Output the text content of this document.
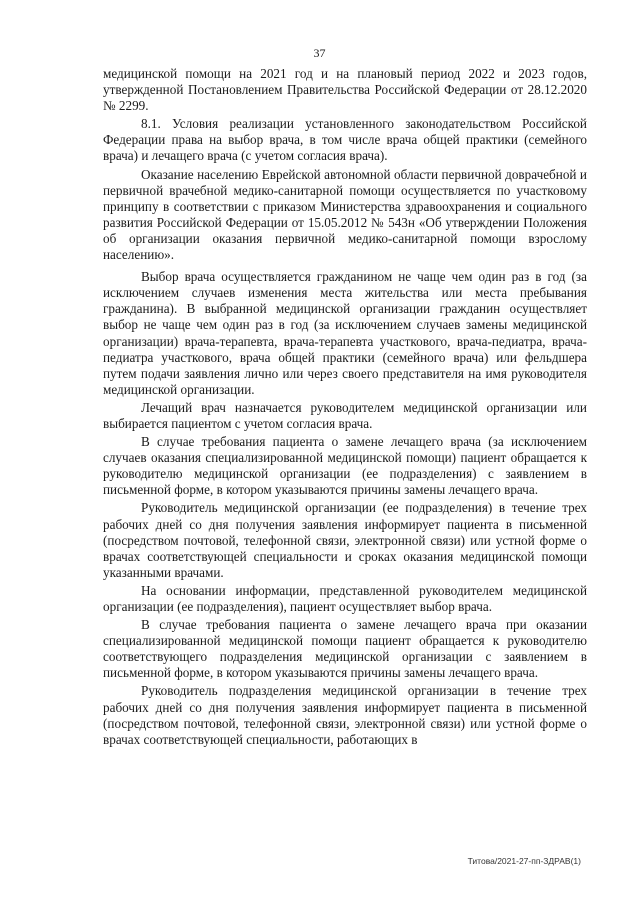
37

медицинской помощи на 2021 год и на плановый период 2022 и 2023 годов, утвержденной Постановлением Правительства Российской Федерации от 28.12.2020 № 2299.

8.1. Условия реализации установленного законодательством Российской Федерации права на выбор врача, в том числе врача общей практики (семейного врача) и лечащего врача (с учетом согласия врача).

Оказание населению Еврейской автономной области первичной доврачебной и первичной врачебной медико-санитарной помощи осуществляется по участковому принципу в соответствии с приказом Министерства здравоохранения и социального развития Российской Федерации от 15.05.2012 № 543н «Об утверждении Положения об организации оказания первичной медико-санитарной помощи взрослому населению».

Выбор врача осуществляется гражданином не чаще чем один раз в год (за исключением случаев изменения места жительства или места пребывания гражданина). В выбранной медицинской организации гражданин осуществляет выбор не чаще чем один раз в год (за исключением случаев замены медицинской организации) врача-терапевта, врача-терапевта участкового, врача-педиатра, врача-педиатра участкового, врача общей практики (семейного врача) или фельдшера путем подачи заявления лично или через своего представителя на имя руководителя медицинской организации.

Лечащий врач назначается руководителем медицинской организации или выбирается пациентом с учетом согласия врача.

В случае требования пациента о замене лечащего врача (за исключением случаев оказания специализированной медицинской помощи) пациент обращается к руководителю медицинской организации (ее подразделения) с заявлением в письменной форме, в котором указываются причины замены лечащего врача.

Руководитель медицинской организации (ее подразделения) в течение трех рабочих дней со дня получения заявления информирует пациента в письменной (посредством почтовой, телефонной связи, электронной связи) или устной форме о врачах соответствующей специальности и сроках оказания медицинской помощи указанными врачами.

На основании информации, представленной руководителем медицинской организации (ее подразделения), пациент осуществляет выбор врача.

В случае требования пациента о замене лечащего врача при оказании специализированной медицинской помощи пациент обращается к руководителю соответствующего подразделения медицинской организации с заявлением в письменной форме, в котором указываются причины замены лечащего врача.

Руководитель подразделения медицинской организации в течение трех рабочих дней со дня получения заявления информирует пациента в письменной (посредством почтовой, телефонной связи, электронной связи) или устной форме о врачах соответствующей специальности, работающих в

Титова/2021-27-пп-ЗДРАВ(1)
